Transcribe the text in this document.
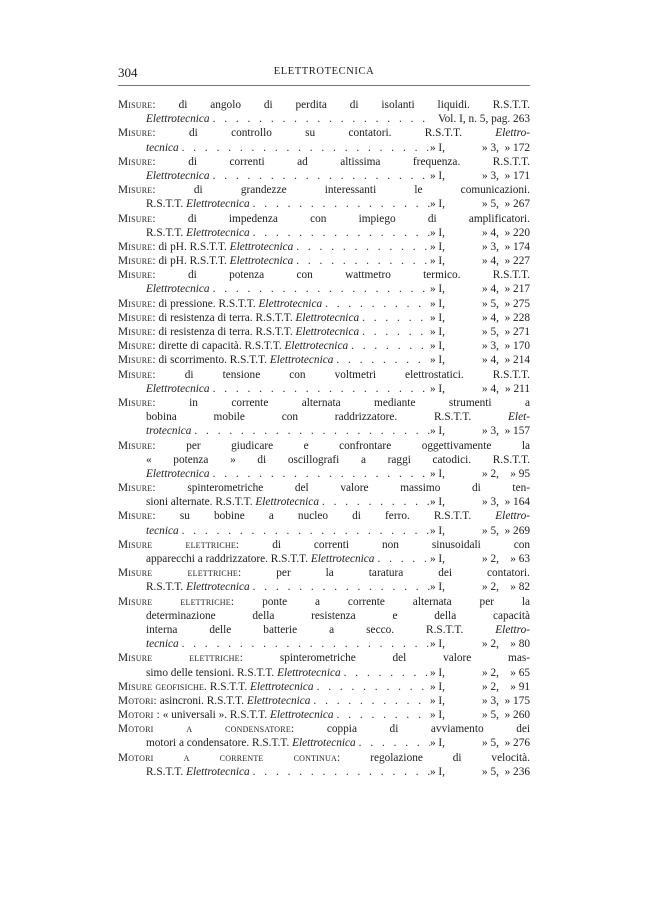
304	ELETTROTECNICA
Misure: di angolo di perdita di isolanti liquidi. R.S.T.T.
Elettrotecnica . . .	Vol. I, n. 5, pag. 263
Misure:	di controllo su contatori. R.S.T.T. Elettro-
tecnica . . .	» I,	» 3, » 172
Misure:	di correnti ad altissima frequenza. R.S.T.T.
Elettrotecnica . . .	» I,	» 3, » 171
Misure:	di grandezze interessanti le comunicazioni.
R.S.T.T. Elettrotecnica . . .	» I,	» 5, » 267
Misure:	di impedenza con impiego di amplificatori.
R.S.T.T. Elettrotecnica . . .	» I,	» 4, » 220
Misure: di pH. R.S.T.T. Elettrotecnica . . .	» I,	» 3, » 174
Misure: di pH. R.S.T.T. Elettrotecnica . . .	» I,	» 4, » 227
Misure:	di potenza con wattmetro termico. R.S.T.T.
Elettrotecnica . . .	» I,	» 4, » 217
Misure: di pressione. R.S.T.T. Elettrotecnica . . .	» I,	» 5, » 275
Misure: di resistenza di terra. R.S.T.T. Elettrotecnica . . .	» I,	» 4, » 228
Misure: di resistenza di terra. R.S.T.T. Elettrotecnica . . .	» I,	» 5, » 271
Misure: dirette di capacità. R.S.T.T. Elettrotecnica . . .	» I,	» 3, » 170
Misure: di scorrimento. R.S.T.T. Elettrotecnica . . .	» I,	» 4, » 214
Misure:	di tensione con voltmetri elettrostatici. R.S.T.T.
Elettrotecnica . . .	» I,	» 4, » 211
Misure:	in corrente alternata mediante strumenti a
bobina mobile con raddrizzatore. R.S.T.T. Elet-
trotecnica . . .	» I,	» 3, » 157
Misure:	per giudicare e confrontare oggettivamente la
« potenza » di oscillografi a raggi catodici. R.S.T.T.
Elettrotecnica . . .	» I,	» 2, » 95
Misure:	spinterometriche del valore massimo di ten-
sioni alternate. R.S.T.T. Elettrotecnica . . .	» I,	» 3, » 164
Misure: su bobine a nucleo di ferro. R.S.T.T. Elettro-
tecnica . . .	» I,	» 5, » 269
Misure elettriche:	di correnti non sinusoidali con
apparecchi a raddrizzatore. R.S.T.T. Elettrotecnica . . .	» I,	» 2, » 63
Misure elettriche:	per la taratura dei contatori.
R.S.T.T. Elettrotecnica . . .	» I,	» 2, » 82
Misure elettriche: ponte a corrente alternata per la
determinazione della resistenza e della capacità
interna delle batterie a secco. R.S.T.T. Elettro-
tecnica . . .	» I,	» 2, » 80
Misure elettriche:	spinterometriche del valore mas-
simo delle tensioni. R.S.T.T. Elettrotecnica . . .	» I,	» 2, » 65
Misure geofisiche. R.S.T.T. Elettrotecnica . . .	» I,	» 2, » 91
Motori: asincroni. R.S.T.T. Elettrotecnica . . .	» I,	» 3, » 175
Motori : « universali ». R.S.T.T. Elettrotecnica . . .	» I,	» 5, » 260
Motori a condensatore:	coppia di avviamento dei
motori a condensatore. R.S.T.T. Elettrotecnica . . .	» I,	» 5, » 276
Motori a corrente continua:	regolazione di velocità.
R.S.T.T. Elettrotecnica . . .	» I,	» 5, » 236
